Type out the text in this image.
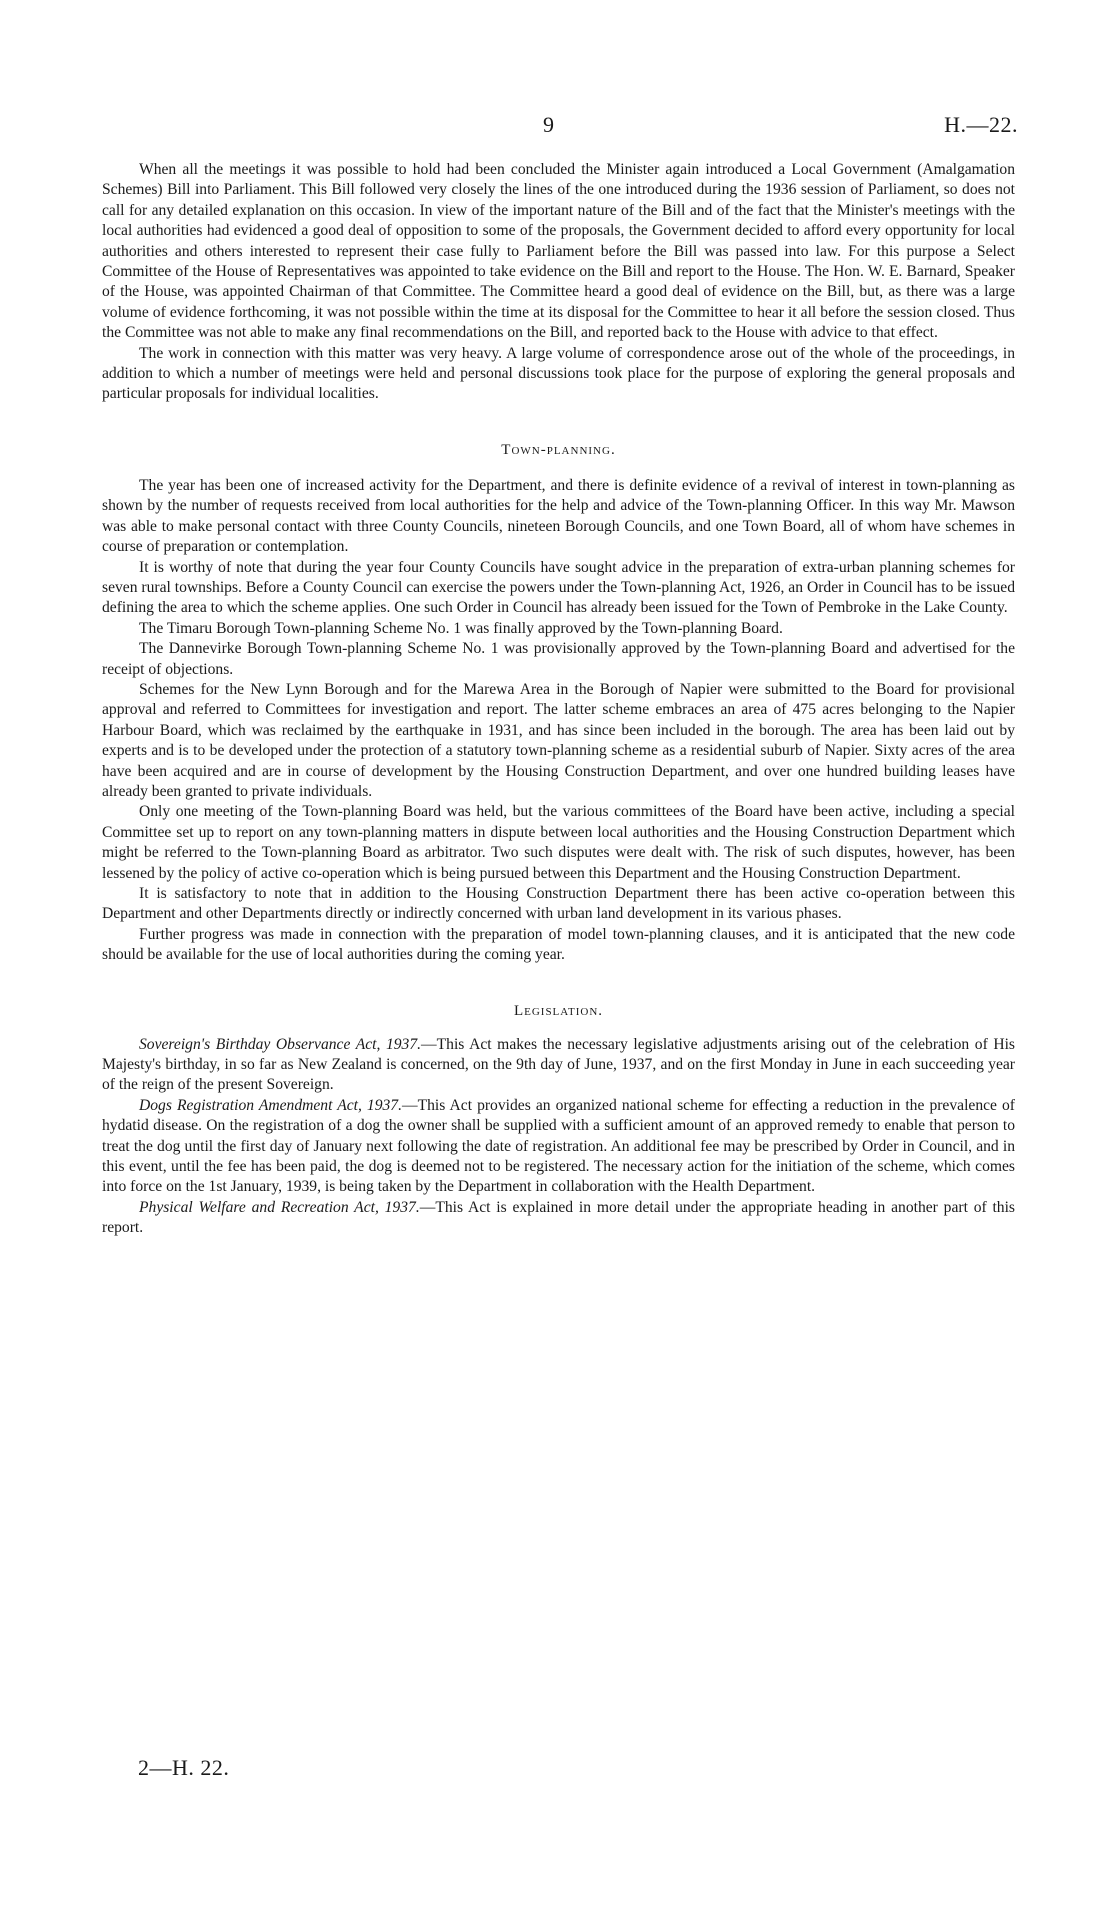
9	H.—22.

When all the meetings it was possible to hold had been concluded the Minister again introduced a Local Government (Amalgamation Schemes) Bill into Parliament. This Bill followed very closely the lines of the one introduced during the 1936 session of Parliament, so does not call for any detailed explanation on this occasion. In view of the important nature of the Bill and of the fact that the Minister's meetings with the local authorities had evidenced a good deal of opposition to some of the proposals, the Government decided to afford every opportunity for local authorities and others interested to represent their case fully to Parliament before the Bill was passed into law. For this purpose a Select Committee of the House of Representatives was appointed to take evidence on the Bill and report to the House. The Hon. W. E. Barnard, Speaker of the House, was appointed Chairman of that Committee. The Committee heard a good deal of evidence on the Bill, but, as there was a large volume of evidence forthcoming, it was not possible within the time at its disposal for the Committee to hear it all before the session closed. Thus the Committee was not able to make any final recommendations on the Bill, and reported back to the House with advice to that effect.

The work in connection with this matter was very heavy. A large volume of correspondence arose out of the whole of the proceedings, in addition to which a number of meetings were held and personal discussions took place for the purpose of exploring the general proposals and particular proposals for individual localities.

Town-planning.

The year has been one of increased activity for the Department, and there is definite evidence of a revival of interest in town-planning as shown by the number of requests received from local authorities for the help and advice of the Town-planning Officer. In this way Mr. Mawson was able to make personal contact with three County Councils, nineteen Borough Councils, and one Town Board, all of whom have schemes in course of preparation or contemplation.

It is worthy of note that during the year four County Councils have sought advice in the preparation of extra-urban planning schemes for seven rural townships. Before a County Council can exercise the powers under the Town-planning Act, 1926, an Order in Council has to be issued defining the area to which the scheme applies. One such Order in Council has already been issued for the Town of Pembroke in the Lake County.

The Timaru Borough Town-planning Scheme No. 1 was finally approved by the Town-planning Board.

The Dannevirke Borough Town-planning Scheme No. 1 was provisionally approved by the Town-planning Board and advertised for the receipt of objections.

Schemes for the New Lynn Borough and for the Marewa Area in the Borough of Napier were submitted to the Board for provisional approval and referred to Committees for investigation and report. The latter scheme embraces an area of 475 acres belonging to the Napier Harbour Board, which was reclaimed by the earthquake in 1931, and has since been included in the borough. The area has been laid out by experts and is to be developed under the protection of a statutory town-planning scheme as a residential suburb of Napier. Sixty acres of the area have been acquired and are in course of development by the Housing Construction Department, and over one hundred building leases have already been granted to private individuals.

Only one meeting of the Town-planning Board was held, but the various committees of the Board have been active, including a special Committee set up to report on any town-planning matters in dispute between local authorities and the Housing Construction Department which might be referred to the Town-planning Board as arbitrator. Two such disputes were dealt with. The risk of such disputes, however, has been lessened by the policy of active co-operation which is being pursued between this Department and the Housing Construction Department.

It is satisfactory to note that in addition to the Housing Construction Department there has been active co-operation between this Department and other Departments directly or indirectly concerned with urban land development in its various phases.

Further progress was made in connection with the preparation of model town-planning clauses, and it is anticipated that the new code should be available for the use of local authorities during the coming year.

Legislation.

Sovereign's Birthday Observance Act, 1937.—This Act makes the necessary legislative adjustments arising out of the celebration of His Majesty's birthday, in so far as New Zealand is concerned, on the 9th day of June, 1937, and on the first Monday in June in each succeeding year of the reign of the present Sovereign.

Dogs Registration Amendment Act, 1937.—This Act provides an organized national scheme for effecting a reduction in the prevalence of hydatid disease. On the registration of a dog the owner shall be supplied with a sufficient amount of an approved remedy to enable that person to treat the dog until the first day of January next following the date of registration. An additional fee may be prescribed by Order in Council, and in this event, until the fee has been paid, the dog is deemed not to be registered. The necessary action for the initiation of the scheme, which comes into force on the 1st January, 1939, is being taken by the Department in collaboration with the Health Department.

Physical Welfare and Recreation Act, 1937.—This Act is explained in more detail under the appropriate heading in another part of this report.

2—H. 22.
